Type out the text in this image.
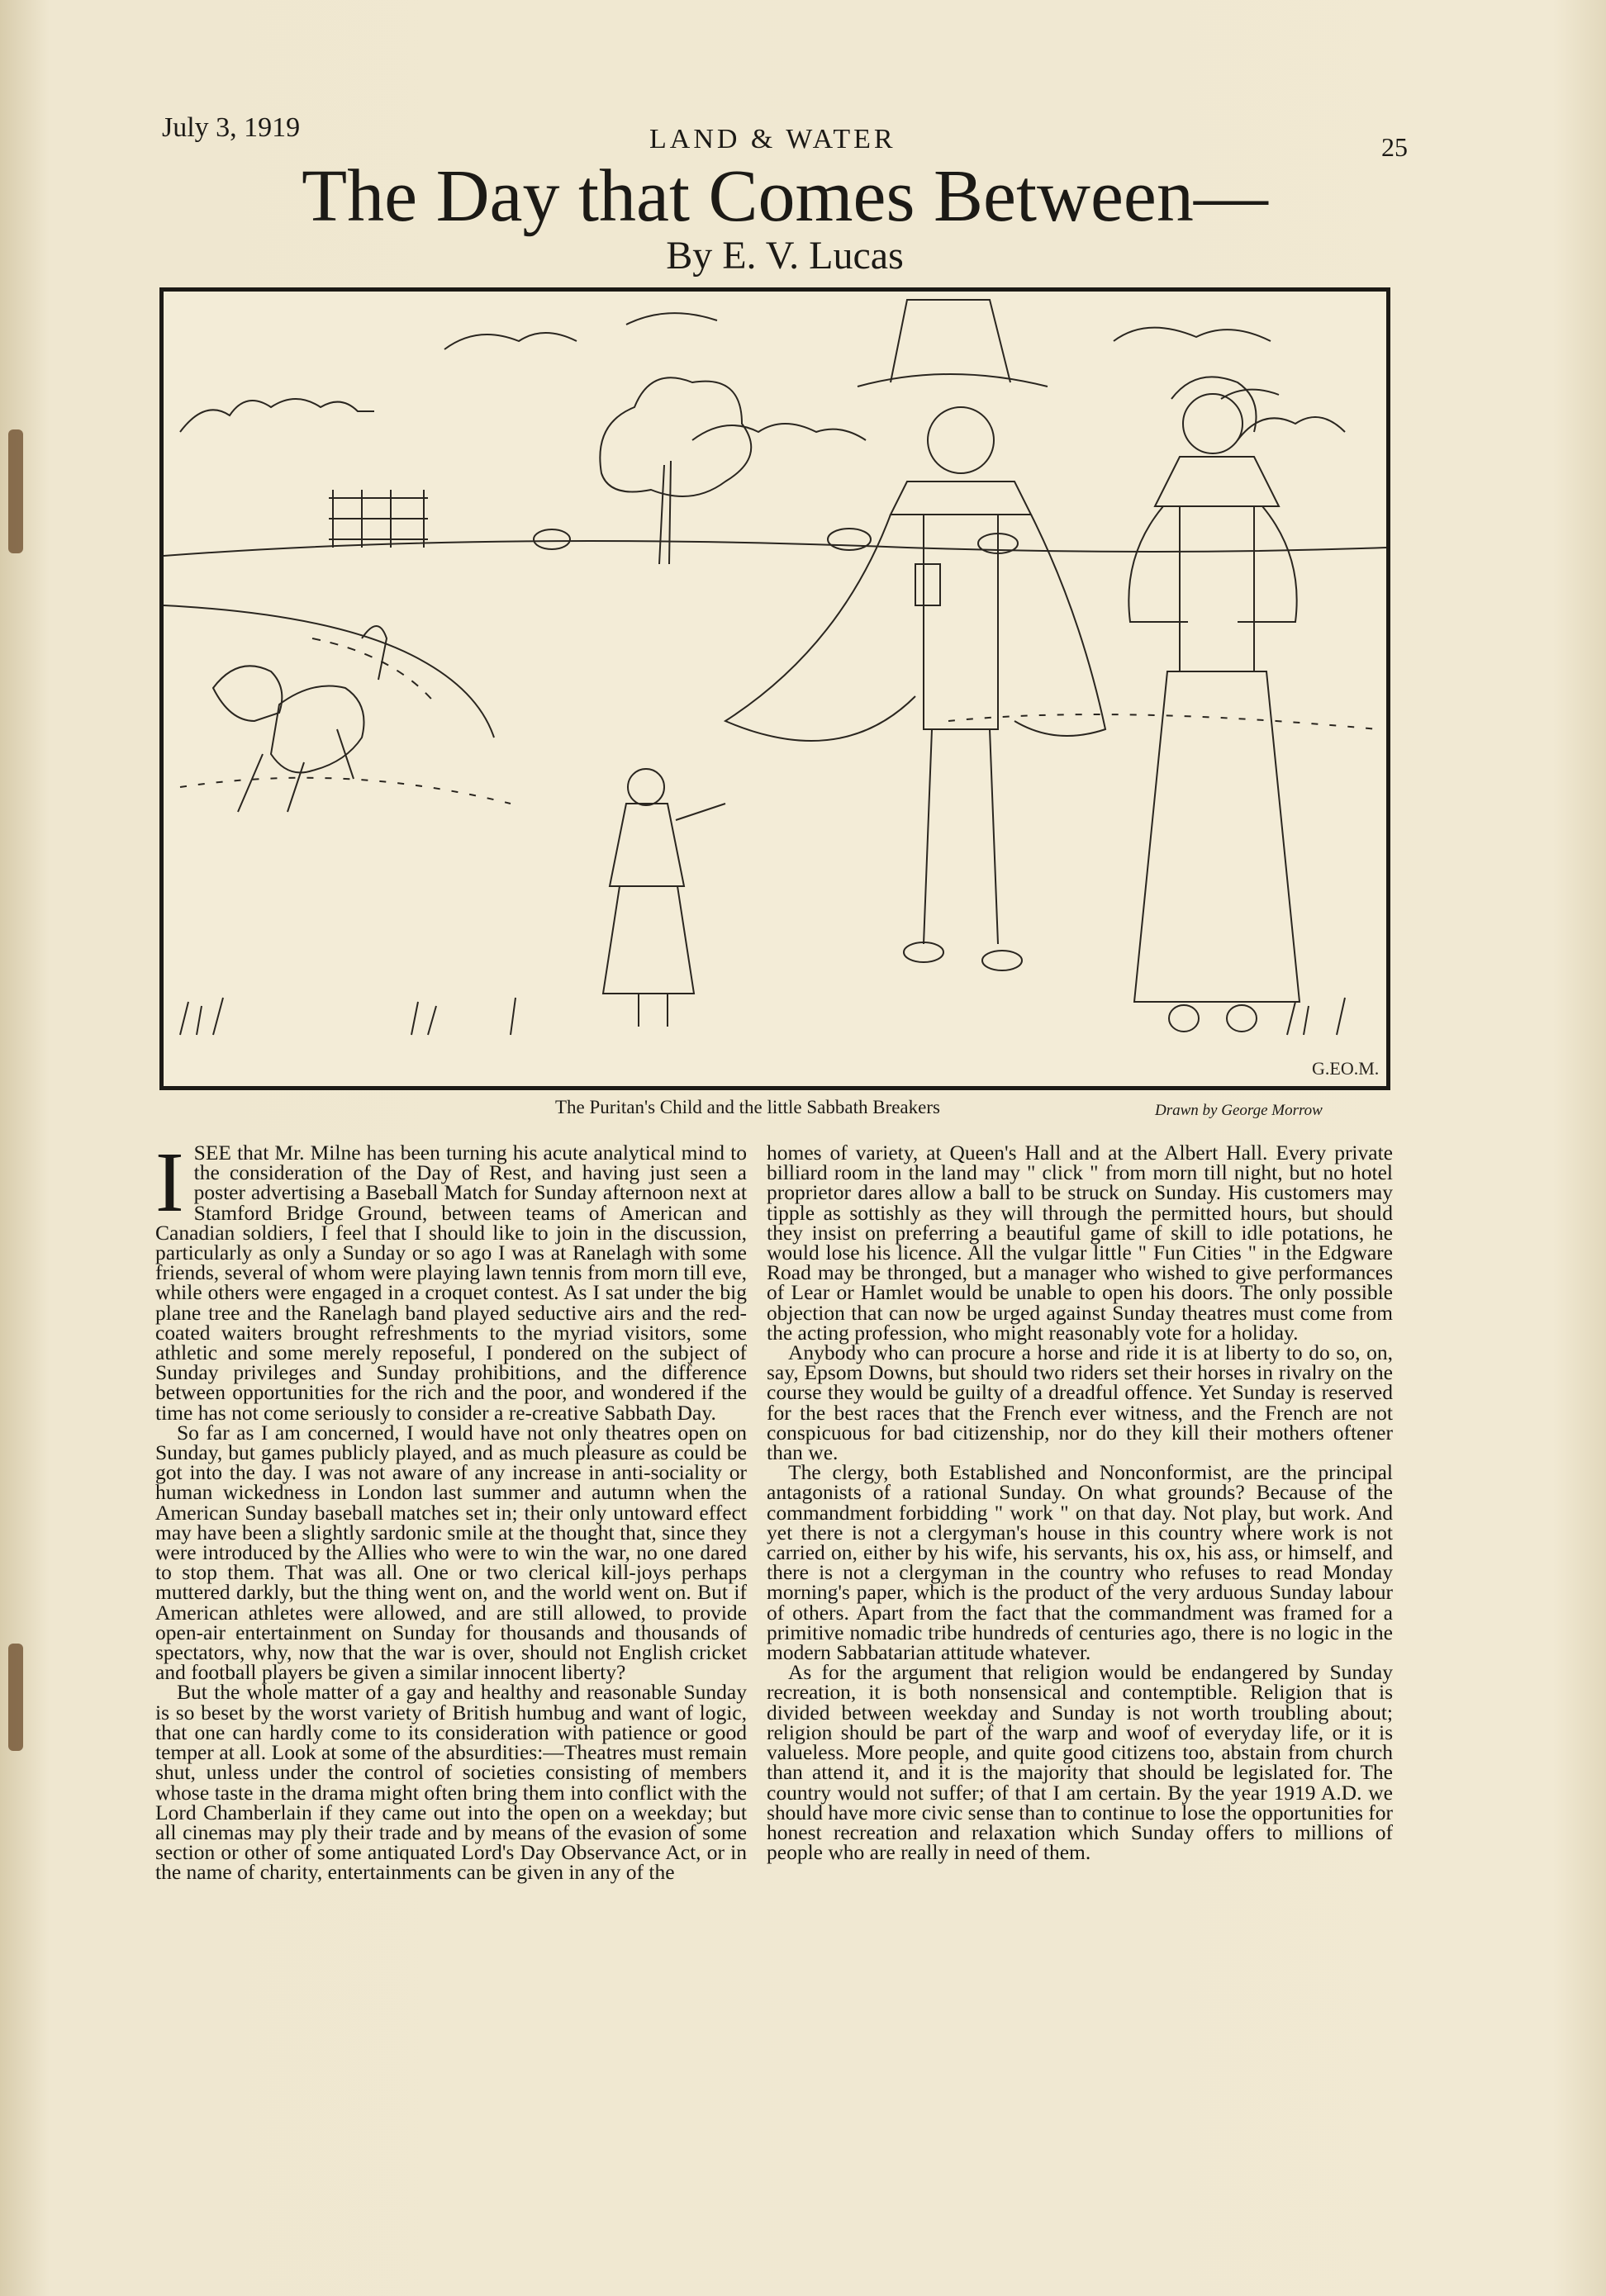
July 3, 1919	LAND & WATER	25
The Day that Comes Between—
By E. V. Lucas
G.EO.M.
The Puritan's Child and the little Sabbath Breakers	Drawn by George Morrow

ISEE that Mr. Milne has been turning his acute analytical mind to the consideration of the Day of Rest, and having just seen a poster advertising a Baseball Match for Sunday afternoon next at Stamford Bridge Ground, between teams of American and Canadian soldiers, I feel that I should like to join in the discussion, particularly as only a Sunday or so ago I was at Ranelagh with some friends, several of whom were playing lawn tennis from morn till eve, while others were engaged in a croquet contest. As I sat under the big plane tree and the Ranelagh band played seductive airs and the red-coated waiters brought refreshments to the myriad visitors, some athletic and some merely reposeful, I pondered on the subject of Sunday privileges and Sunday prohibitions, and the difference between opportunities for the rich and the poor, and wondered if the time has not come seriously to consider a re-creative Sabbath Day.

So far as I am concerned, I would have not only theatres open on Sunday, but games publicly played, and as much pleasure as could be got into the day. I was not aware of any increase in anti-sociality or human wickedness in London last summer and autumn when the American Sunday baseball matches set in; their only untoward effect may have been a slightly sardonic smile at the thought that, since they were introduced by the Allies who were to win the war, no one dared to stop them. That was all. One or two clerical kill-joys perhaps muttered darkly, but the thing went on, and the world went on. But if American athletes were allowed, and are still allowed, to provide open-air entertainment on Sunday for thousands and thousands of spectators, why, now that the war is over, should not English cricket and football players be given a similar innocent liberty?

But the whole matter of a gay and healthy and reasonable Sunday is so beset by the worst variety of British humbug and want of logic, that one can hardly come to its consideration with patience or good temper at all. Look at some of the absurdities:—Theatres must remain shut, unless under the control of societies consisting of members whose taste in the drama might often bring them into conflict with the Lord Chamberlain if they came out into the open on a weekday; but all cinemas may ply their trade and by means of the evasion of some section or other of some antiquated Lord's Day Observance Act, or in the name of charity, entertainments can be given in any of the

homes of variety, at Queen's Hall and at the Albert Hall. Every private billiard room in the land may " click " from morn till night, but no hotel proprietor dares allow a ball to be struck on Sunday. His customers may tipple as sottishly as they will through the permitted hours, but should they insist on preferring a beautiful game of skill to idle potations, he would lose his licence. All the vulgar little " Fun Cities " in the Edgware Road may be thronged, but a manager who wished to give performances of Lear or Hamlet would be unable to open his doors. The only possible objection that can now be urged against Sunday theatres must come from the acting profession, who might reasonably vote for a holiday.

Anybody who can procure a horse and ride it is at liberty to do so, on, say, Epsom Downs, but should two riders set their horses in rivalry on the course they would be guilty of a dreadful offence. Yet Sunday is reserved for the best races that the French ever witness, and the French are not conspicuous for bad citizenship, nor do they kill their mothers oftener than we.

The clergy, both Established and Nonconformist, are the principal antagonists of a rational Sunday. On what grounds? Because of the commandment forbidding " work " on that day. Not play, but work. And yet there is not a clergyman's house in this country where work is not carried on, either by his wife, his servants, his ox, his ass, or himself, and there is not a clergyman in the country who refuses to read Monday morning's paper, which is the product of the very arduous Sunday labour of others. Apart from the fact that the commandment was framed for a primitive nomadic tribe hundreds of centuries ago, there is no logic in the modern Sabbatarian attitude whatever.

As for the argument that religion would be endangered by Sunday recreation, it is both nonsensical and contemptible. Religion that is divided between weekday and Sunday is not worth troubling about; religion should be part of the warp and woof of everyday life, or it is valueless. More people, and quite good citizens too, abstain from church than attend it, and it is the majority that should be legislated for. The country would not suffer; of that I am certain. By the year 1919 A.D. we should have more civic sense than to continue to lose the opportunities for honest recreation and relaxation which Sunday offers to millions of people who are really in need of them.
